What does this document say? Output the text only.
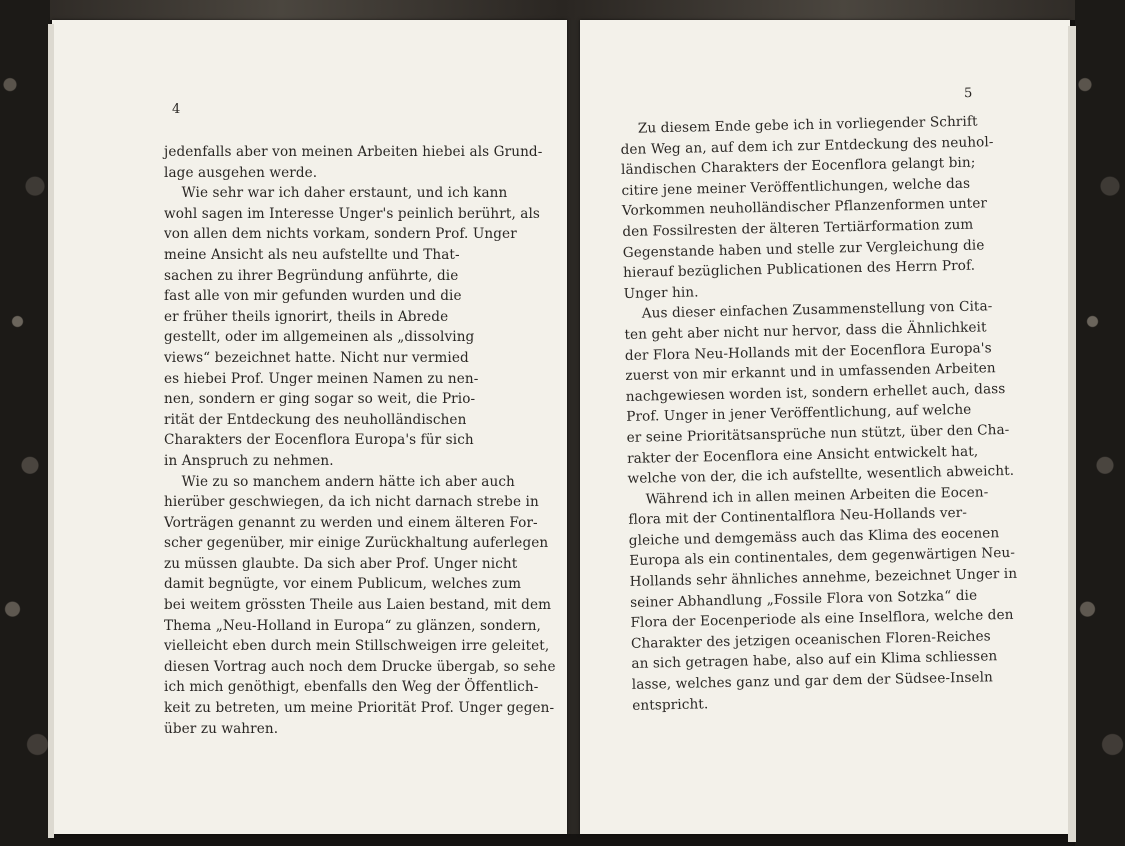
4
jedenfalls aber von meinen Arbeiten hiebei als Grund-
lage ausgehen werde.
Wie sehr war ich daher erstaunt, und ich kann
wohl sagen im Interesse Unger's peinlich berührt, als
von allen dem nichts vorkam, sondern Prof. Unger
meine Ansicht als neu aufstellte und That-
sachen zu ihrer Begründung anführte, die
fast alle von mir gefunden wurden und die
er früher theils ignorirt, theils in Abrede
gestellt, oder im allgemeinen als „dissolving
views“ bezeichnet hatte. Nicht nur vermied
es hiebei Prof. Unger meinen Namen zu nen-
nen, sondern er ging sogar so weit, die Prio-
rität der Entdeckung des neuholländischen
Charakters der Eocenflora Europa's für sich
in Anspruch zu nehmen.
Wie zu so manchem andern hätte ich aber auch
hierüber geschwiegen, da ich nicht darnach strebe in
Vorträgen genannt zu werden und einem älteren For-
scher gegenüber, mir einige Zurückhaltung auferlegen
zu müssen glaubte. Da sich aber Prof. Unger nicht
damit begnügte, vor einem Publicum, welches zum
bei weitem grössten Theile aus Laien bestand, mit dem
Thema „Neu-Holland in Europa“ zu glänzen, sondern,
vielleicht eben durch mein Stillschweigen irre geleitet,
diesen Vortrag auch noch dem Drucke übergab, so sehe
ich mich genöthigt, ebenfalls den Weg der Öffentlich-
keit zu betreten, um meine Priorität Prof. Unger gegen-
über zu wahren.
5
Zu diesem Ende gebe ich in vorliegender Schrift
den Weg an, auf dem ich zur Entdeckung des neuhol-
ländischen Charakters der Eocenflora gelangt bin;
citire jene meiner Veröffentlichungen, welche das
Vorkommen neuholländischer Pflanzenformen unter
den Fossilresten der älteren Tertiärformation zum
Gegenstande haben und stelle zur Vergleichung die
hierauf bezüglichen Publicationen des Herrn Prof.
Unger hin.
Aus dieser einfachen Zusammenstellung von Cita-
ten geht aber nicht nur hervor, dass die Ähnlichkeit
der Flora Neu-Hollands mit der Eocenflora Europa's
zuerst von mir erkannt und in umfassenden Arbeiten
nachgewiesen worden ist, sondern erhellet auch, dass
Prof. Unger in jener Veröffentlichung, auf welche
er seine Prioritätsansprüche nun stützt, über den Cha-
rakter der Eocenflora eine Ansicht entwickelt hat,
welche von der, die ich aufstellte, wesentlich abweicht.
Während ich in allen meinen Arbeiten die Eocen-
flora mit der Continentalflora Neu-Hollands ver-
gleiche und demgemäss auch das Klima des eocenen
Europa als ein continentales, dem gegenwärtigen Neu-
Hollands sehr ähnliches annehme, bezeichnet Unger in
seiner Abhandlung „Fossile Flora von Sotzka“ die
Flora der Eocenperiode als eine Inselflora, welche den
Charakter des jetzigen oceanischen Floren-Reiches
an sich getragen habe, also auf ein Klima schliessen
lasse, welches ganz und gar dem der Südsee-Inseln
entspricht.
